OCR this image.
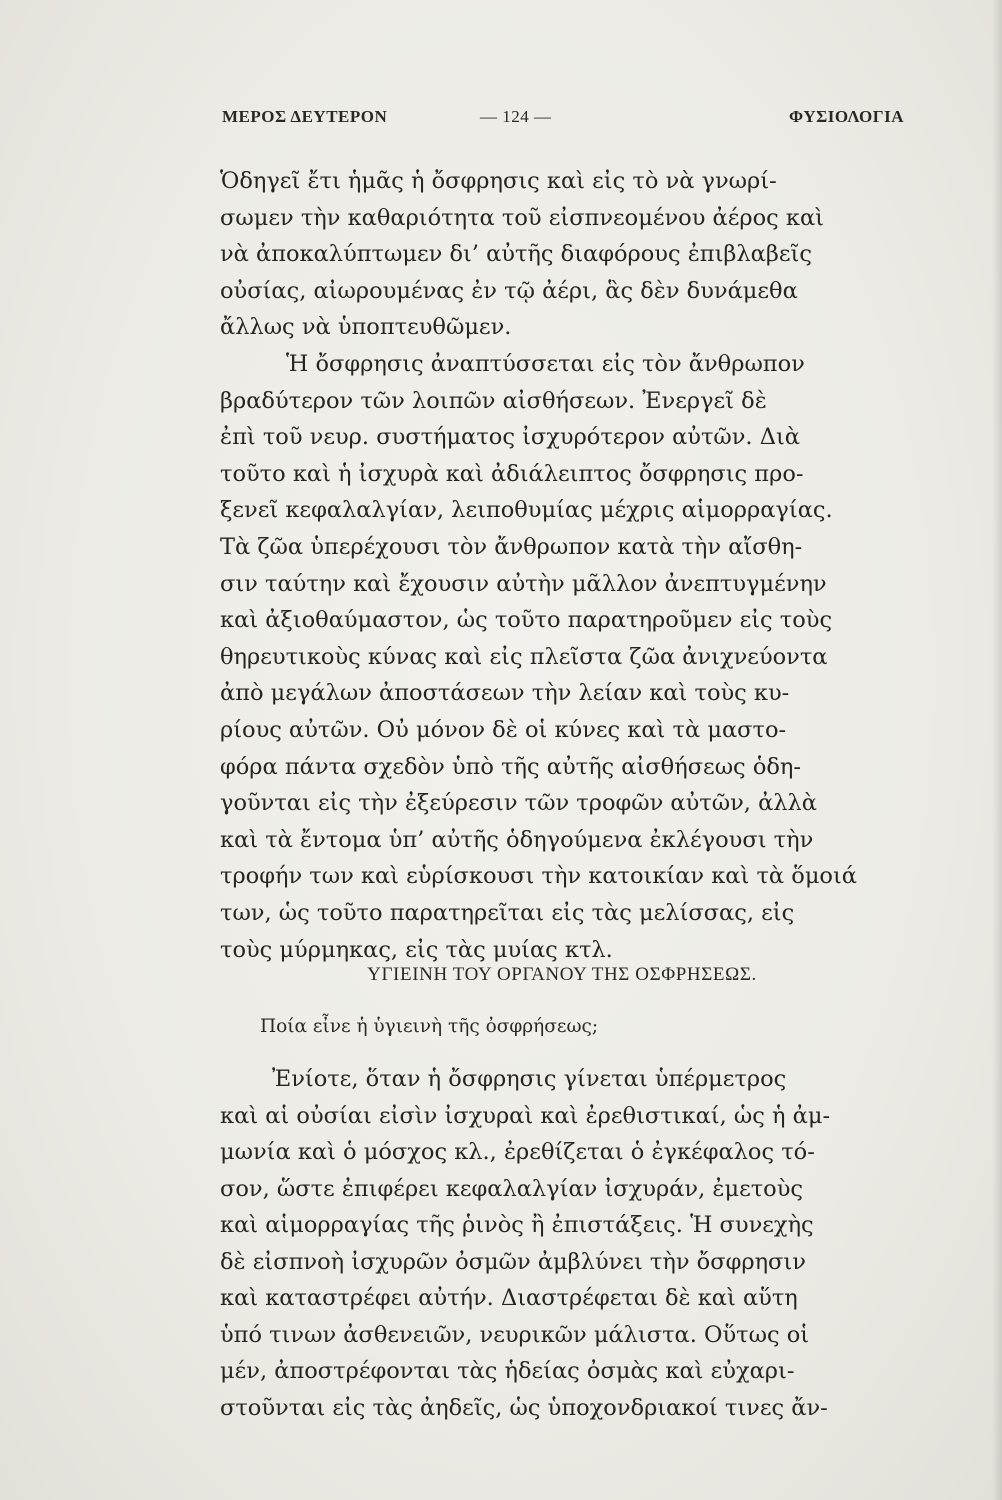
ΜΕΡΟΣ ΔΕΥΤΕΡΟΝ	— 124 —	ΦΥΣΙΟΛΟΓΙΑ
Ὁδηγεῖ ἔτι ἡμᾶς ἡ ὄσφρησις καὶ εἰς τὸ νὰ γνωρί-
σωμεν τὴν καθαριότητα τοῦ εἰσπνεομένου ἀέρος καὶ
νὰ ἀποκαλύπτωμεν δι’ αὐτῆς διαφόρους ἐπιβλαβεῖς
οὐσίας, αἰωρουμένας ἐν τῷ ἀέρι, ἃς δὲν δυνάμεθα
ἄλλως νὰ ὑποπτευθῶμεν.
Ἡ ὄσφρησις ἀναπτύσσεται εἰς τὸν ἄνθρωπον
βραδύτερον τῶν λοιπῶν αἰσθήσεων. Ἐνεργεῖ δὲ
ἐπὶ τοῦ νευρ. συστήματος ἰσχυρότερον αὐτῶν. Διὰ
τοῦτο καὶ ἡ ἰσχυρὰ καὶ ἀδιάλειπτος ὄσφρησις προ-
ξενεῖ κεφαλαλγίαν, λειποθυμίας μέχρις αἱμορραγίας.
Τὰ ζῶα ὑπερέχουσι τὸν ἄνθρωπον κατὰ τὴν αἴσθη-
σιν ταύτην καὶ ἔχουσιν αὐτὴν μᾶλλον ἀνεπτυγμένην
καὶ ἀξιοθαύμαστον, ὡς τοῦτο παρατηροῦμεν εἰς τοὺς
θηρευτικοὺς κύνας καὶ εἰς πλεῖστα ζῶα ἀνιχνεύοντα
ἀπὸ μεγάλων ἀποστάσεων τὴν λείαν καὶ τοὺς κυ-
ρίους αὐτῶν. Οὐ μόνον δὲ οἱ κύνες καὶ τὰ μαστο-
φόρα πάντα σχεδὸν ὑπὸ τῆς αὐτῆς αἰσθήσεως ὁδη-
γοῦνται εἰς τὴν ἐξεύρεσιν τῶν τροφῶν αὐτῶν, ἀλλὰ
καὶ τὰ ἔντομα ὑπ’ αὐτῆς ὁδηγούμενα ἐκλέγουσι τὴν
τροφήν των καὶ εὑρίσκουσι τὴν κατοικίαν καὶ τὰ ὅμοιά
των, ὡς τοῦτο παρατηρεῖται εἰς τὰς μελίσσας, εἰς
τοὺς μύρμηκας, εἰς τὰς μυίας κτλ.
ΥΓΙΕΙΝΗ ΤΟΥ ΟΡΓΑΝΟΥ ΤΗΣ ΟΣΦΡΗΣΕΩΣ.
Ποία εἶνε ἡ ὑγιεινὴ τῆς ὀσφρήσεως;
Ἐνίοτε, ὅταν ἡ ὄσφρησις γίνεται ὑπέρμετρος
καὶ αἱ οὐσίαι εἰσὶν ἰσχυραὶ καὶ ἐρεθιστικαί, ὡς ἡ ἀμ-
μωνία καὶ ὁ μόσχος κλ., ἐρεθίζεται ὁ ἐγκέφαλος τό-
σον, ὥστε ἐπιφέρει κεφαλαλγίαν ἰσχυράν, ἐμετοὺς
καὶ αἱμορραγίας τῆς ῥινὸς ἢ ἐπιστάξεις. Ἡ συνεχὴς
δὲ εἰσπνοὴ ἰσχυρῶν ὀσμῶν ἀμβλύνει τὴν ὄσφρησιν
καὶ καταστρέφει αὐτήν. Διαστρέφεται δὲ καὶ αὕτη
ὑπό τινων ἀσθενειῶν, νευρικῶν μάλιστα. Οὕτως οἱ
μέν, ἀποστρέφονται τὰς ἡδείας ὀσμὰς καὶ εὐχαρι-
στοῦνται εἰς τὰς ἀηδεῖς, ὡς ὑποχονδριακοί τινες ἄν-
